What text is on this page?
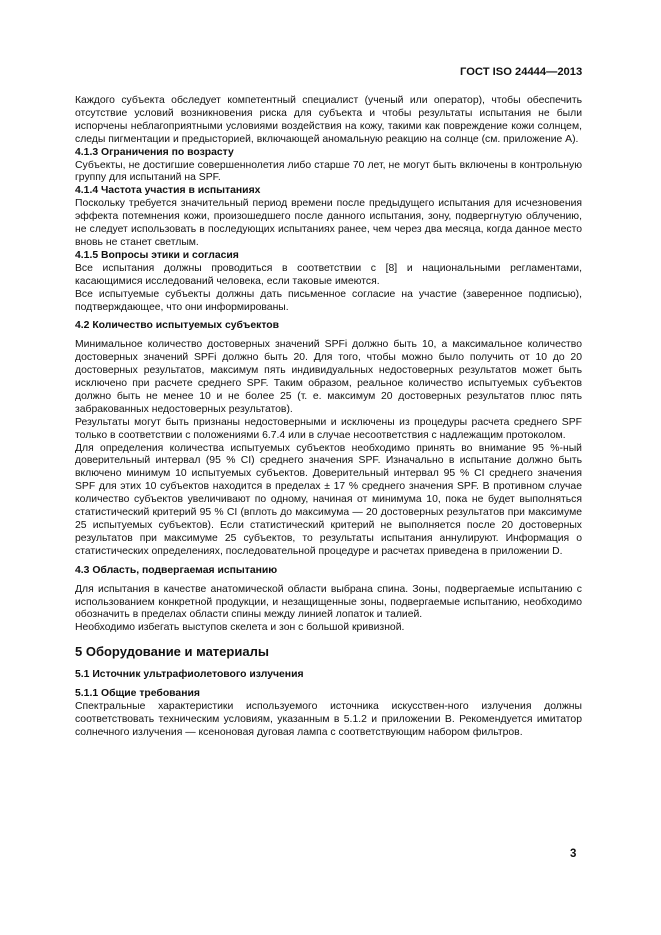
ГОСТ ISO 24444—2013

Каждого субъекта обследует компетентный специалист (ученый или оператор), чтобы обеспечить отсутствие условий возникновения риска для субъекта и чтобы результаты испытания не были испорчены неблагоприятными условиями воздействия на кожу, такими как повреждение кожи солнцем, следы пигментации и предысторией, включающей аномальную реакцию на солнце (см. приложение А).

4.1.3 Ограничения по возрасту

Субъекты, не достигшие совершеннолетия либо старше 70 лет, не могут быть включены в контрольную группу для испытаний на SPF.

4.1.4 Частота участия в испытаниях

Поскольку требуется значительный период времени после предыдущего испытания для исчезновения эффекта потемнения кожи, произошедшего после данного испытания, зону, подвергнутую облучению, не следует использовать в последующих испытаниях ранее, чем через два месяца, когда данное место вновь не станет светлым.

4.1.5 Вопросы этики и согласия

Все испытания должны проводиться в соответствии с [8] и национальными регламентами, касающимися исследований человека, если таковые имеются.

Все испытуемые субъекты должны дать письменное согласие на участие (заверенное подписью), подтверждающее, что они информированы.

4.2 Количество испытуемых субъектов

Минимальное количество достоверных значений SPFi должно быть 10, а максимальное количество достоверных значений SPFi должно быть 20. Для того, чтобы можно было получить от 10 до 20 достоверных результатов, максимум пять индивидуальных недостоверных результатов может быть исключено при расчете среднего SPF. Таким образом, реальное количество испытуемых субъектов должно быть не менее 10 и не более 25 (т. е. максимум 20 достоверных результатов плюс пять забракованных недостоверных результатов).

Результаты могут быть признаны недостоверными и исключены из процедуры расчета среднего SPF только в соответствии с положениями 6.7.4 или в случае несоответствия с надлежащим протоколом.

Для определения количества испытуемых субъектов необходимо принять во внимание 95 %-ный доверительный интервал (95 % CI) среднего значения SPF. Изначально в испытание должно быть включено минимум 10 испытуемых субъектов. Доверительный интервал 95 % CI среднего значения SPF для этих 10 субъектов находится в пределах ± 17 % среднего значения SPF. В противном случае количество субъектов увеличивают по одному, начиная от минимума 10, пока не будет выполняться статистический критерий 95 % CI (вплоть до максимума — 20 достоверных результатов при максимуме 25 испытуемых субъектов). Если статистический критерий не выполняется после 20 достоверных результатов при максимуме 25 субъектов, то результаты испытания аннулируют. Информация о статистических определениях, последовательной процедуре и расчетах приведена в приложении D.

4.3 Область, подвергаемая испытанию

Для испытания в качестве анатомической области выбрана спина. Зоны, подвергаемые испытанию с использованием конкретной продукции, и незащищенные зоны, подвергаемые испытанию, необходимо обозначить в пределах области спины между линией лопаток и талией.

Необходимо избегать выступов скелета и зон с большой кривизной.

5 Оборудование и материалы

5.1 Источник ультрафиолетового излучения

5.1.1 Общие требования

Спектральные характеристики используемого источника искусствен-ного излучения должны соответствовать техническим условиям, указанным в 5.1.2 и приложении В. Рекомендуется имитатор солнечного излучения — ксеноновая дуговая лампа с соответствующим набором фильтров.

3
